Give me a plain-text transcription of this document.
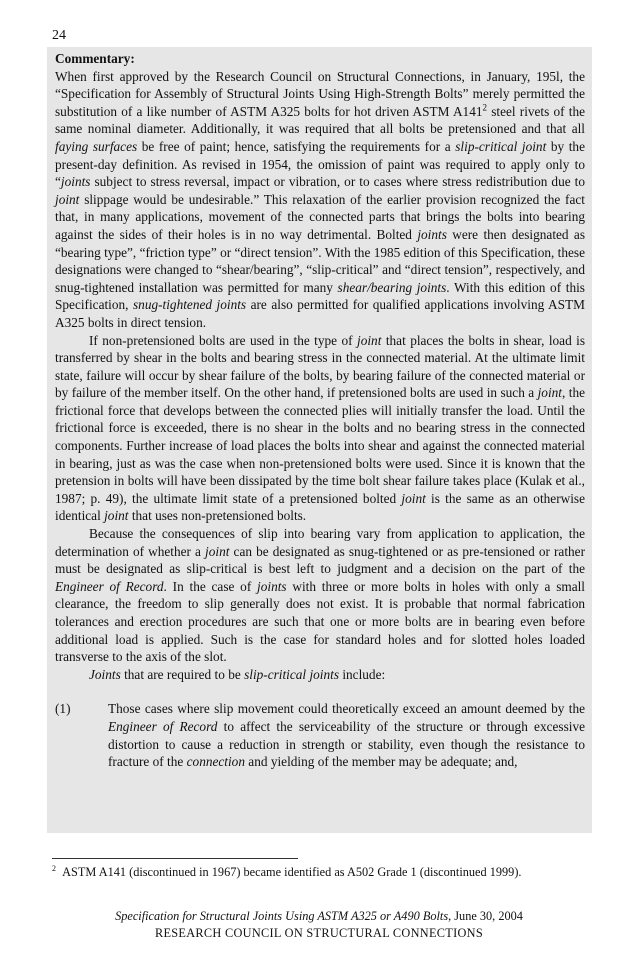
24

Commentary:

When first approved by the Research Council on Structural Connections, in January, 195l, the “Specification for Assembly of Structural Joints Using High-Strength Bolts” merely permitted the substitution of a like number of ASTM A325 bolts for hot driven ASTM $A141^2$ steel rivets of the same nominal diameter. Additionally, it was required that all bolts be pretensioned and that all faying surfaces be free of paint; hence, satisfying the requirements for a slip-critical joint by the present-day definition. As revised in 1954, the omission of paint was required to apply only to “joints subject to stress reversal, impact or vibration, or to cases where stress redistribution due to joint slippage would be undesirable.” This relaxation of the earlier provision recognized the fact that, in many applications, movement of the connected parts that brings the bolts into bearing against the sides of their holes is in no way detrimental. Bolted joints were then designated as “bearing type”, “friction type” or “direct tension”. With the 1985 edition of this Specification, these designations were changed to “shear/bearing”, “slip-critical” and “direct tension”, respectively, and snug-tightened installation was permitted for many shear/bearing joints. With this edition of this Specification, snug-tightened joints are also permitted for qualified applications involving ASTM A325 bolts in direct tension.

If non-pretensioned bolts are used in the type of joint that places the bolts in shear, load is transferred by shear in the bolts and bearing stress in the connected material. At the ultimate limit state, failure will occur by shear failure of the bolts, by bearing failure of the connected material or by failure of the member itself. On the other hand, if pretensioned bolts are used in such a joint, the frictional force that develops between the connected plies will initially transfer the load. Until the frictional force is exceeded, there is no shear in the bolts and no bearing stress in the connected components. Further increase of load places the bolts into shear and against the connected material in bearing, just as was the case when non-pretensioned bolts were used. Since it is known that the pretension in bolts will have been dissipated by the time bolt shear failure takes place (Kulak et al., 1987; p. 49), the ultimate limit state of a pretensioned bolted joint is the same as an otherwise identical joint that uses non-pretensioned bolts.

Because the consequences of slip into bearing vary from application to application, the determination of whether a joint can be designated as snug-tightened or as pre-tensioned or rather must be designated as slip-critical is best left to judgment and a decision on the part of the Engineer of Record. In the case of joints with three or more bolts in holes with only a small clearance, the freedom to slip generally does not exist. It is probable that normal fabrication tolerances and erection procedures are such that one or more bolts are in bearing even before additional load is applied. Such is the case for standard holes and for slotted holes loaded transverse to the axis of the slot.

Joints that are required to be slip-critical joints include:

(1)	Those cases where slip movement could theoretically exceed an amount deemed by the Engineer of Record to affect the serviceability of the structure or through excessive distortion to cause a reduction in strength or stability, even though the resistance to fracture of the connection and yielding of the member may be adequate; and,
$^2$ ASTM A141 (discontinued in 1967) became identified as A502 Grade 1 (discontinued 1999).
Specification for Structural Joints Using ASTM A325 or A490 Bolts, June 30, 2004
RESEARCH COUNCIL ON STRUCTURAL CONNECTIONS
